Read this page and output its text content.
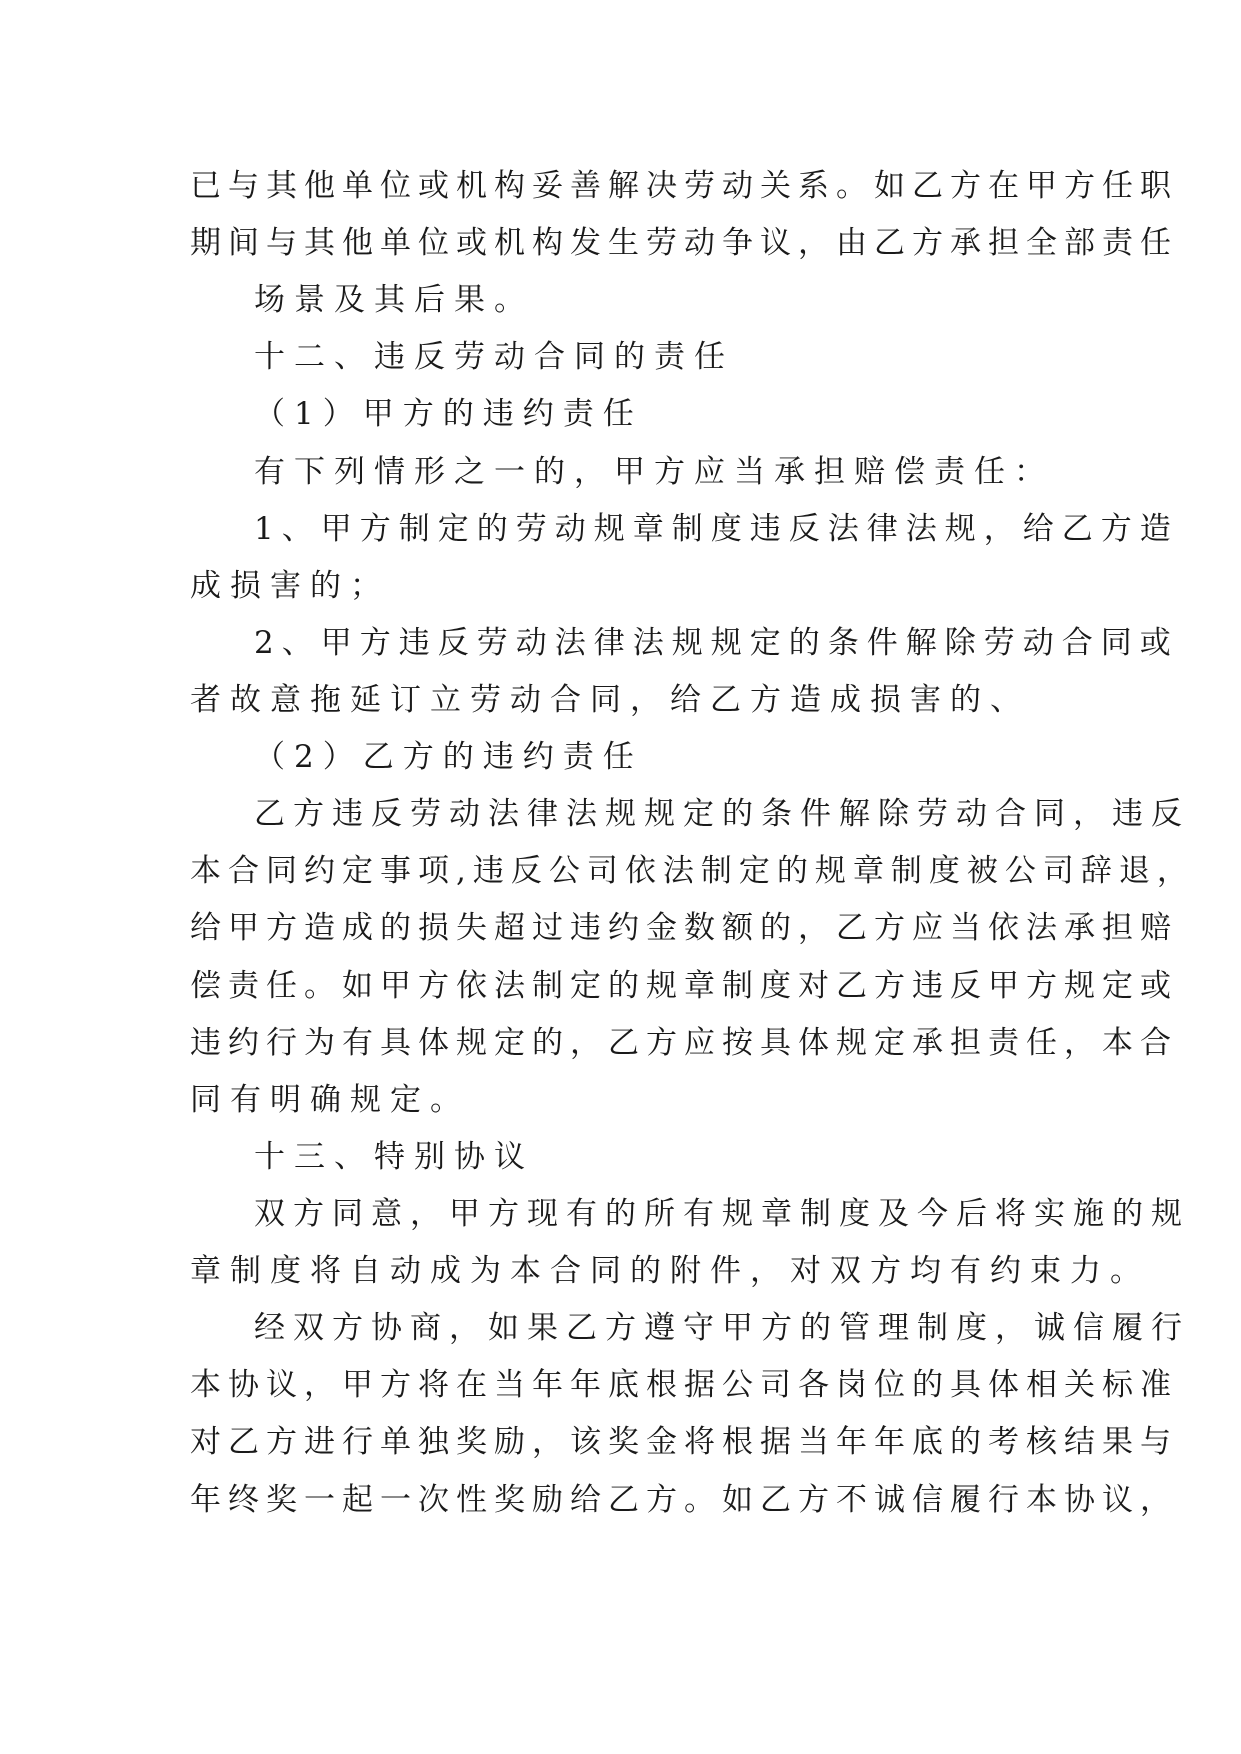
已与其他单位或机构妥善解决劳动关系。如乙方在甲方任职

期间与其他单位或机构发生劳动争议，由乙方承担全部责任

场景及其后果。

十二、违反劳动合同的责任

（1）甲方的违约责任

有下列情形之一的，甲方应当承担赔偿责任：

1、甲方制定的劳动规章制度违反法律法规，给乙方造

成损害的；

2、甲方违反劳动法律法规规定的条件解除劳动合同或

者故意拖延订立劳动合同，给乙方造成损害的、

（2）乙方的违约责任

乙方违反劳动法律法规规定的条件解除劳动合同，违反

本合同约定事项,违反公司依法制定的规章制度被公司辞退，

给甲方造成的损失超过违约金数额的，乙方应当依法承担赔

偿责任。如甲方依法制定的规章制度对乙方违反甲方规定或

违约行为有具体规定的，乙方应按具体规定承担责任，本合

同有明确规定。

十三、特别协议

双方同意，甲方现有的所有规章制度及今后将实施的规

章制度将自动成为本合同的附件，对双方均有约束力。

经双方协商，如果乙方遵守甲方的管理制度，诚信履行

本协议，甲方将在当年年底根据公司各岗位的具体相关标准

对乙方进行单独奖励，该奖金将根据当年年底的考核结果与

年终奖一起一次性奖励给乙方。如乙方不诚信履行本协议，
